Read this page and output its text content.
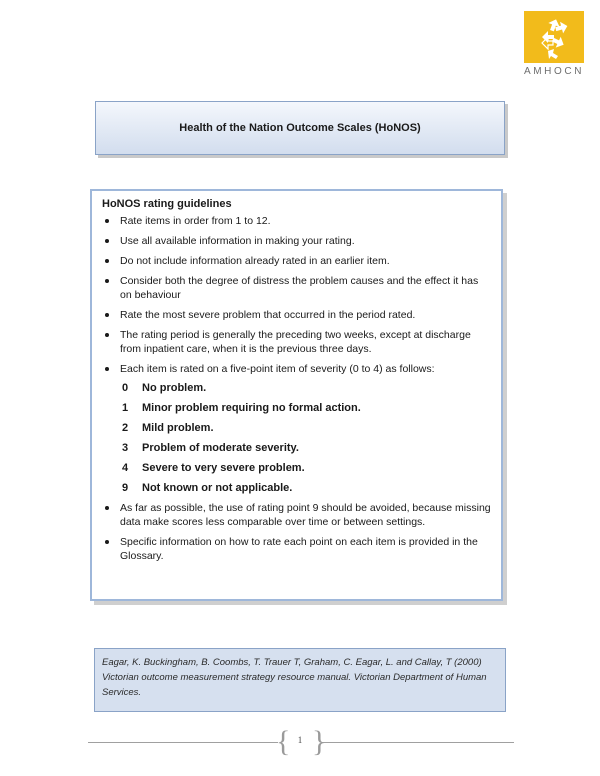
AMHOCN
Health of the Nation Outcome Scales (HoNOS)
HoNOS rating guidelines
Rate items in order from 1 to 12.
Use all available information in making your rating.
Do not include information already rated in an earlier item.
Consider both the degree of distress the problem causes and the effect it has on behaviour
Rate the most severe problem that occurred in the period rated.
The rating period is generally the preceding two weeks, except at discharge from inpatient care, when it is the previous three days.
Each item is rated on a five-point item of severity (0 to 4) as follows:
0	No problem.
1	Minor problem requiring no formal action.
2	Mild problem.
3	Problem of moderate severity.
4	Severe to very severe problem.
9	Not known or not applicable.
As far as possible, the use of rating point 9 should be avoided, because missing data make scores less comparable over time or between settings.
Specific information on how to rate each point on each item is provided in the Glossary.

Eagar, K. Buckingham, B. Coombs, T. Trauer T, Graham, C. Eagar, L. and Callay, T (2000) Victorian outcome measurement strategy resource manual. Victorian Department of Human Services.

{ }
1
